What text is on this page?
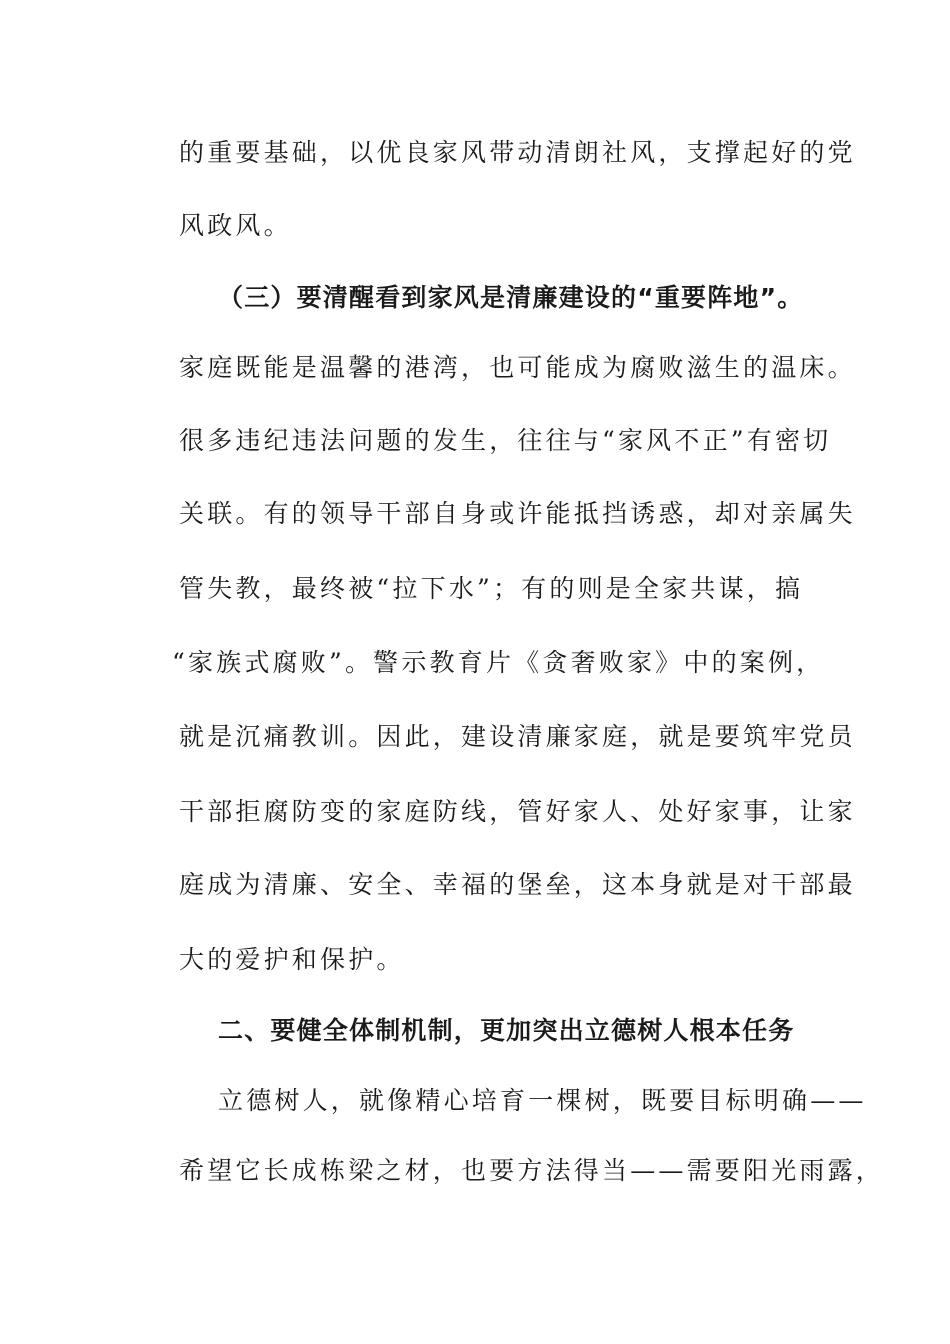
的重要基础，以优良家风带动清朗社风，支撑起好的党
风政风。
（三）要清醒看到家风是清廉建设的“重要阵地”。
家庭既能是温馨的港湾，也可能成为腐败滋生的温床。
很多违纪违法问题的发生，往往与“家风不正”有密切
关联。有的领导干部自身或许能抵挡诱惑，却对亲属失
管失教，最终被“拉下水”；有的则是全家共谋，搞
“家族式腐败”。警示教育片《贪奢败家》中的案例，
就是沉痛教训。因此，建设清廉家庭，就是要筑牢党员
干部拒腐防变的家庭防线，管好家人、处好家事，让家
庭成为清廉、安全、幸福的堡垒，这本身就是对干部最
大的爱护和保护。
二、要健全体制机制，更加突出立德树人根本任务
立德树人，就像精心培育一棵树，既要目标明确——
希望它长成栋梁之材，也要方法得当——需要阳光雨露，
